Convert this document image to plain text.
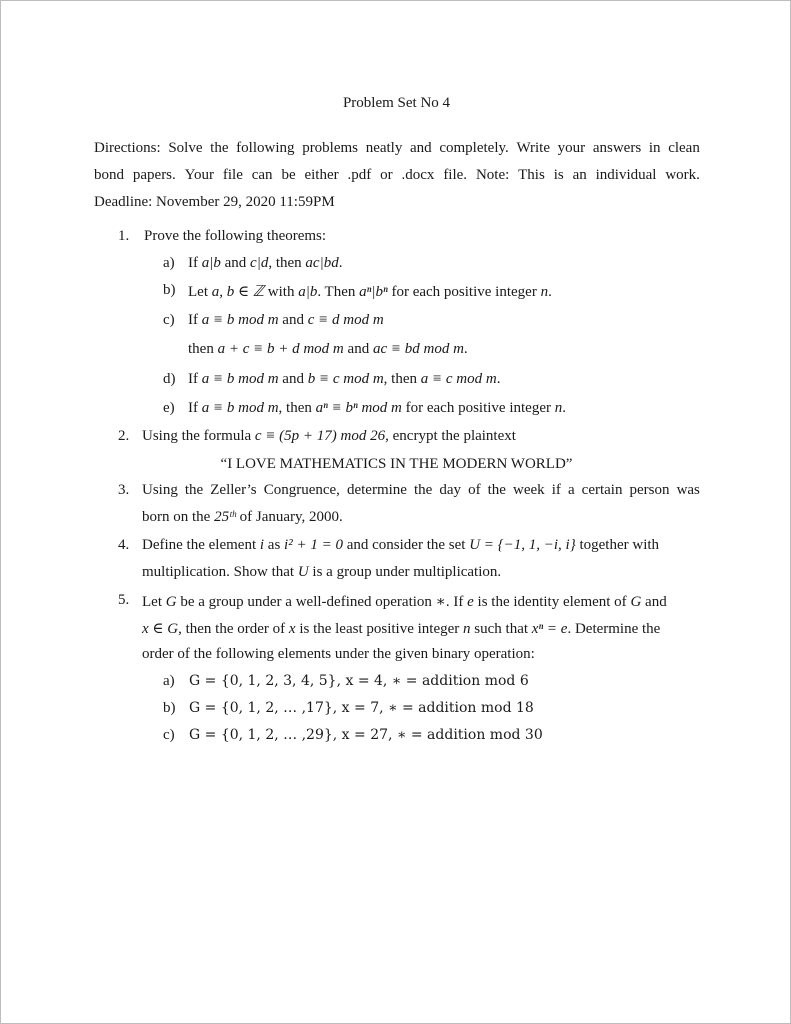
Problem Set No 4
Directions: Solve the following problems neatly and completely. Write your answers in clean
bond papers. Your file can be either .pdf or .docx file. Note: This is an individual work.
Deadline: November 29, 2020 11:59PM
1. Prove the following theorems:
a) If a|b and c|d, then ac|bd.
b) Let a, b ∈ ℤ with a|b. Then aⁿ|bⁿ for each positive integer n.
c) If a ≡ b mod m and c ≡ d mod m
then a + c ≡ b + d mod m and ac ≡ bd mod m.
d) If a ≡ b mod m and b ≡ c mod m, then a ≡ c mod m.
e) If a ≡ b mod m, then aⁿ ≡ bⁿ mod m for each positive integer n.
2. Using the formula c ≡ (5p + 17) mod 26, encrypt the plaintext
“I LOVE MATHEMATICS IN THE MODERN WORLD”
3. Using the Zeller’s Congruence, determine the day of the week if a certain person was
born on the 25ᵗʰ of January, 2000.
4. Define the element i as i² + 1 = 0 and consider the set U = {−1, 1, −i, i} together with
multiplication. Show that U is a group under multiplication.
5. Let G be a group under a well-defined operation ∗. If e is the identity element of G and
x ∈ G, then the order of x is the least positive integer n such that xⁿ = e. Determine the
order of the following elements under the given binary operation:
a) G = {0, 1, 2, 3, 4, 5}, x = 4, ∗ = addition mod 6
b) G = {0, 1, 2, … ,17}, x = 7, ∗ = addition mod 18
c) G = {0, 1, 2, … ,29}, x = 27, ∗ = addition mod 30
